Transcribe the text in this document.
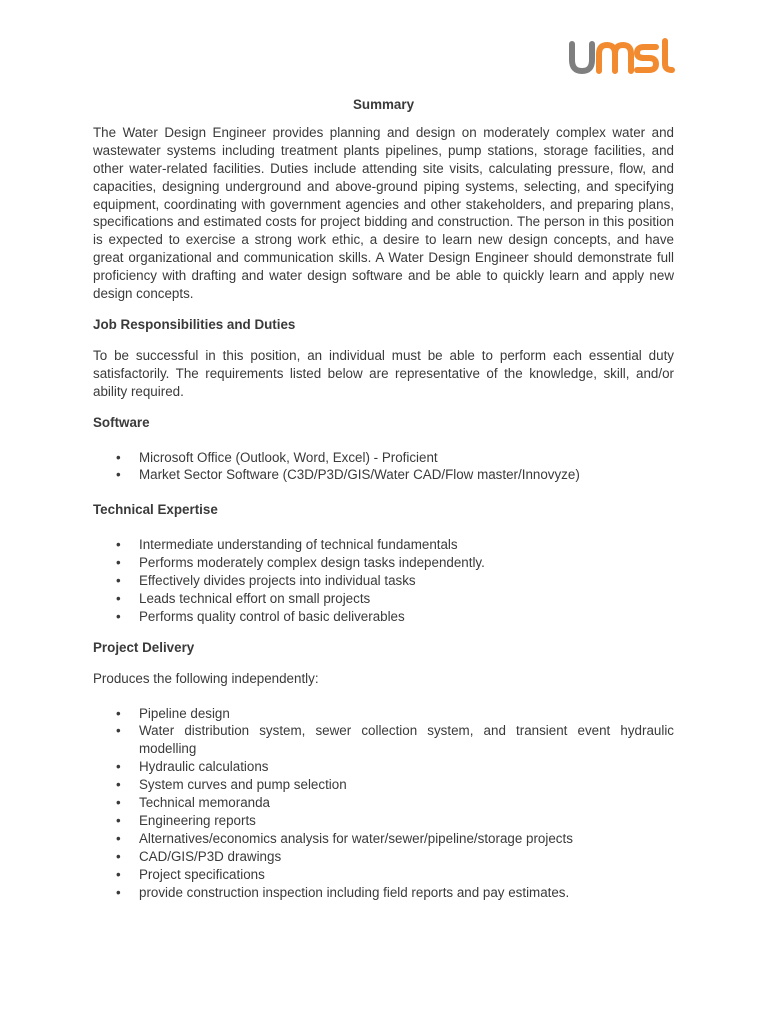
Summary

The Water Design Engineer provides planning and design on moderately complex water and wastewater systems including treatment plants pipelines, pump stations, storage facilities, and other water-related facilities. Duties include attending site visits, calculating pressure, flow, and capacities, designing underground and above-ground piping systems, selecting, and specifying equipment, coordinating with government agencies and other stakeholders, and preparing plans, specifications and estimated costs for project bidding and construction. The person in this position is expected to exercise a strong work ethic, a desire to learn new design concepts, and have great organizational and communication skills. A Water Design Engineer should demonstrate full proficiency with drafting and water design software and be able to quickly learn and apply new design concepts.

Job Responsibilities and Duties

To be successful in this position, an individual must be able to perform each essential duty satisfactorily. The requirements listed below are representative of the knowledge, skill, and/or ability required.

Software
•	Microsoft Office (Outlook, Word, Excel) - Proficient
•	Market Sector Software (C3D/P3D/GIS/Water CAD/Flow master/Innovyze)
Technical Expertise
•	Intermediate understanding of technical fundamentals
•	Performs moderately complex design tasks independently.
•	Effectively divides projects into individual tasks
•	Leads technical effort on small projects
•	Performs quality control of basic deliverables
Project Delivery

Produces the following independently:

•	Pipeline design
•	Water distribution system, sewer collection system, and transient event hydraulic modelling
•	Hydraulic calculations
•	System curves and pump selection
•	Technical memoranda
•	Engineering reports
•	Alternatives/economics analysis for water/sewer/pipeline/storage projects
•	CAD/GIS/P3D drawings
•	Project specifications
•	provide construction inspection including field reports and pay estimates.
